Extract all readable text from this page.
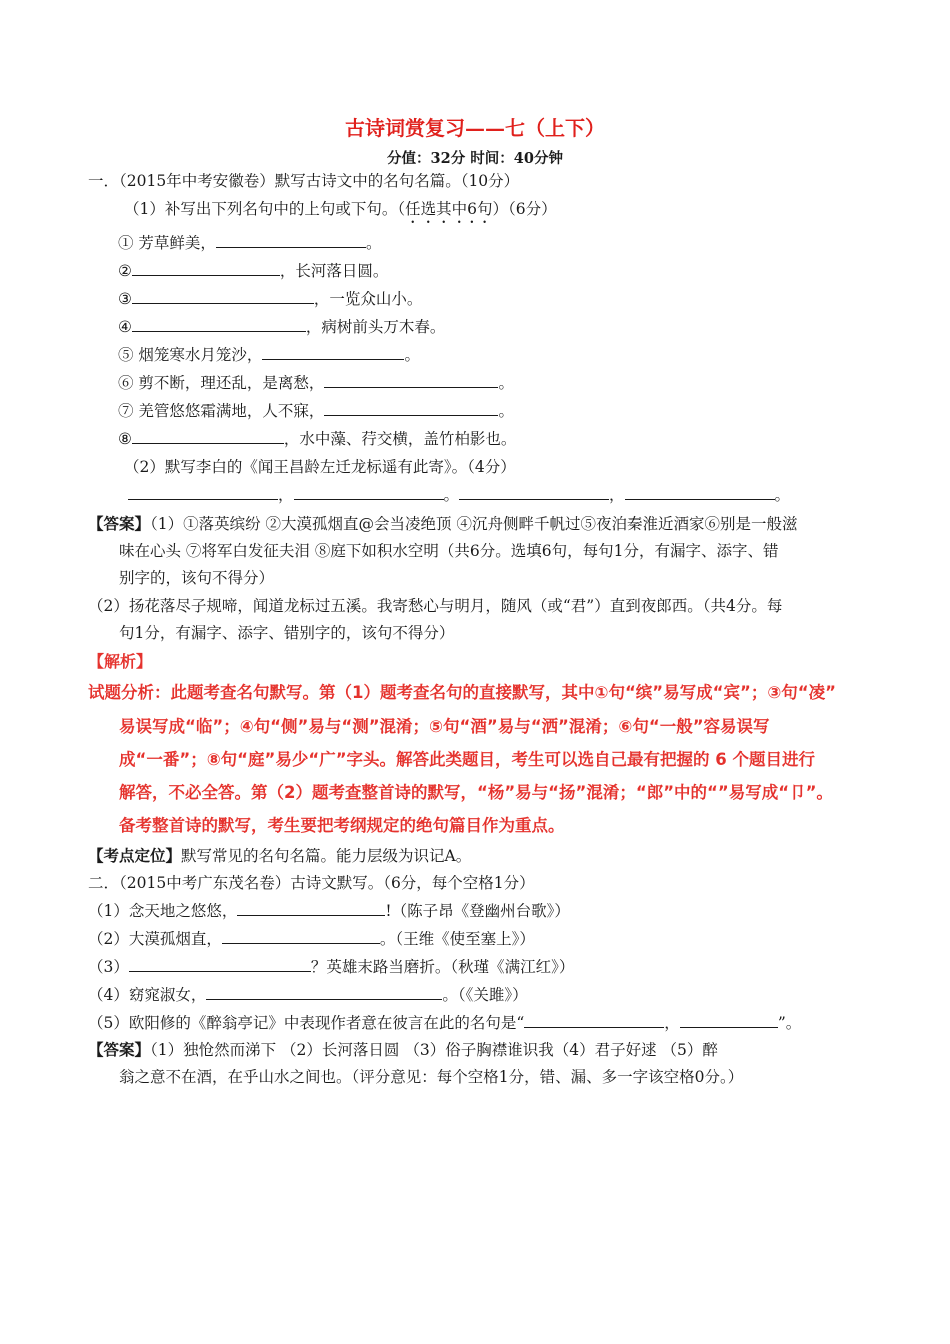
古诗词赏复习——七（上下）
分值：32分 时间：40分钟
一．（2015年中考安徽卷）默写古诗文中的名句名篇。（10分）
（1）补写出下列名句中的上句或下句。（任选其中6句）（6分）
① 芳草鲜美，	。
②	，长河落日圆。
③	，一览众山小。
④	，病树前头万木春。
⑤ 烟笼寒水月笼沙，	。
⑥ 剪不断，理还乱，是离愁，	。
⑦ 羌管悠悠霜满地，人不寐，	。
⑧	，水中藻、荇交横，盖竹柏影也。
（2）默写李白的《闻王昌龄左迁龙标遥有此寄》。（4分）
，	。	，	。
【答案】（1）①落英缤纷 ②大漠孤烟直@会当凌绝顶 ④沉舟侧畔千帆过⑤夜泊秦淮近酒家⑥别是一般滋
味在心头 ⑦将军白发征夫泪 ⑧庭下如积水空明（共6分。选填6句，每句1分，有漏字、添字、错
别字的，该句不得分）
（2）扬花落尽子规啼，闻道龙标过五溪。我寄愁心与明月，随风（或“君”）直到夜郎西。（共4分。每
句1分，有漏字、添字、错别字的，该句不得分）
【解析】
试题分析：此题考查名句默写。第（1）题考查名句的直接默写，其中①句“缤”易写成“宾”；③句“凌”
易误写成“临”；④句“侧”易与“测”混淆；⑤句“酒”易与“洒”混淆；⑥句“一般”容易误写
成“一番”；⑧句“庭”易少“广”字头。解答此类题目，考生可以选自己最有把握的 6 个题目进行
解答，不必全答。第（2）题考查整首诗的默写，“杨”易与“扬”混淆；“郎”中的“”易写成“卩”。
备考整首诗的默写，考生要把考纲规定的绝句篇目作为重点。
【考点定位】默写常见的名句名篇。能力层级为识记A。
二．（2015中考广东茂名卷）古诗文默写。（6分，每个空格1分）
（1）念天地之悠悠，	!（陈子昂《登幽州台歌》）
（2）大漠孤烟直，	。（王维《使至塞上》）
（3）	？英雄末路当磨折。（秋瑾《满江红》）
（4）窈窕淑女，	。（《关雎》）
（5）欧阳修的《醉翁亭记》中表现作者意在彼言在此的名句是“	，	”。
【答案】（1）独怆然而涕下 （2）长河落日圆 （3）俗子胸襟谁识我（4）君子好逑 （5）醉
翁之意不在酒，在乎山水之间也。（评分意见：每个空格1分，错、漏、多一字该空格0分。）
